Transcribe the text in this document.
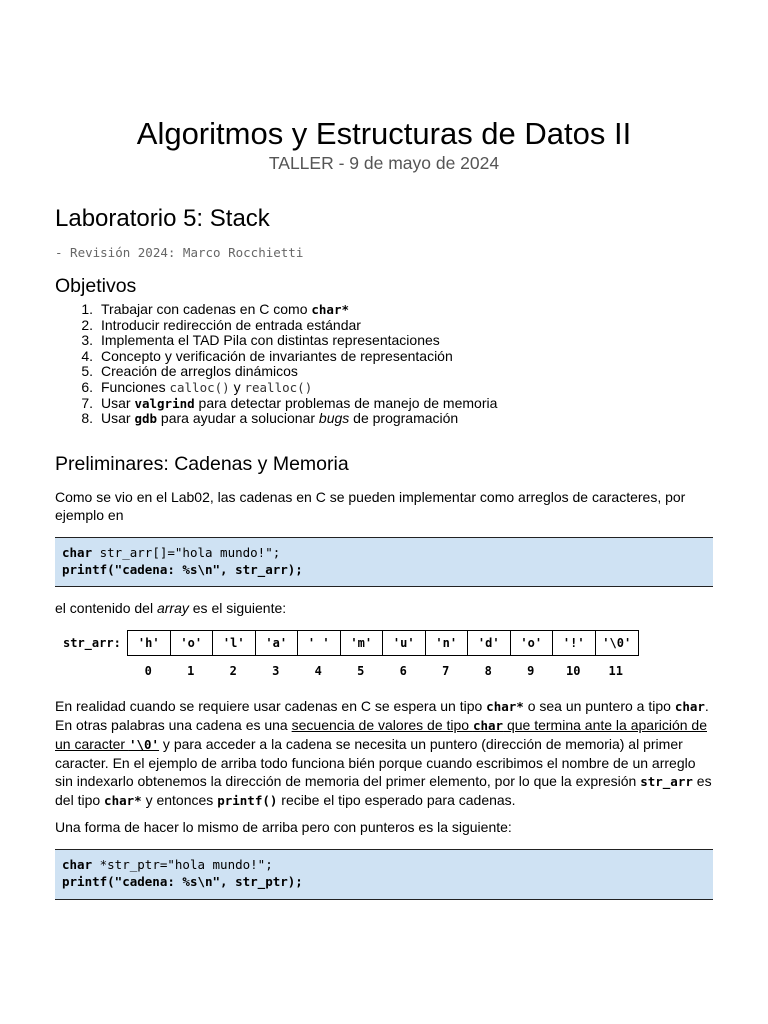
Algoritmos y Estructuras de Datos II
TALLER - 9 de mayo de 2024
Laboratorio 5: Stack
- Revisión 2024: Marco Rocchietti
Objetivos
1. Trabajar con cadenas en C como char*
2. Introducir redirección de entrada estándar
3. Implementa el TAD Pila con distintas representaciones
4. Concepto y verificación de invariantes de representación
5. Creación de arreglos dinámicos
6. Funciones calloc() y realloc()
7. Usar valgrind para detectar problemas de manejo de memoria
8. Usar gdb para ayudar a solucionar bugs de programación
Preliminares: Cadenas y Memoria
Como se vio en el Lab02, las cadenas en C se pueden implementar como arreglos de caracteres, por ejemplo en
char str_arr[]="hola mundo!";
printf("cadena: %s\n", str_arr);
el contenido del array es el siguiente:
str_arr:	'h'	'o'	'l'	'a'	' '	'm'	'u'	'n'	'd'	'o'	'!'	'\0'
0	1	2	3	4	5	6	7	8	9	10	11
En realidad cuando se requiere usar cadenas en C se espera un tipo char* o sea un puntero a tipo char. En otras palabras una cadena es una secuencia de valores de tipo char que termina ante la aparición de un caracter '\0' y para acceder a la cadena se necesita un puntero (dirección de memoria) al primer caracter. En el ejemplo de arriba todo funciona bién porque cuando escribimos el nombre de un arreglo sin indexarlo obtenemos la dirección de memoria del primer elemento, por lo que la expresión str_arr es del tipo char* y entonces printf() recibe el tipo esperado para cadenas.
Una forma de hacer lo mismo de arriba pero con punteros es la siguiente:
char *str_ptr="hola mundo!";
printf("cadena: %s\n", str_ptr);
